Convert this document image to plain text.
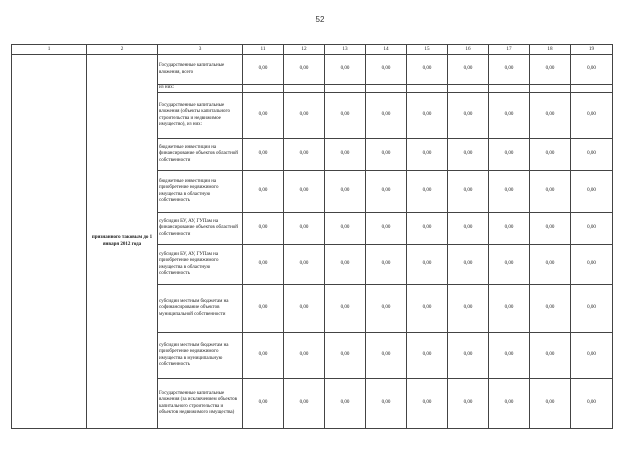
52
1	2	3	11	12	13	14	15	16	17	18	19
	признанного таковым до 1 января 2012 года	Государственные капитальные вложения, всего	0,00	0,00	0,00	0,00	0,00	0,00	0,00	0,00	0,00
		из них:									
		Государственные капитальные вложения (объекты капитального строительства и недвижимое имущество), из них:	0,00	0,00	0,00	0,00	0,00	0,00	0,00	0,00	0,00
		бюджетные инвестиции на финансирование объектов областной собственности	0,00	0,00	0,00	0,00	0,00	0,00	0,00	0,00	0,00
		бюджетные инвестиции на приобретение недвижимого имущества в областную собственность	0,00	0,00	0,00	0,00	0,00	0,00	0,00	0,00	0,00
		субсидии БУ, АУ, ГУПам на финансирование объектов областной собственности	0,00	0,00	0,00	0,00	0,00	0,00	0,00	0,00	0,00
		субсидии БУ, АУ, ГУПам на приобретение недвижимого имущества в областную собственность	0,00	0,00	0,00	0,00	0,00	0,00	0,00	0,00	0,00
		субсидии местным бюджетам на софинансирование объектов муниципальной собственности	0,00	0,00	0,00	0,00	0,00	0,00	0,00	0,00	0,00
		субсидии местным бюджетам на приобретение недвижимого имущества в муниципальную собственность	0,00	0,00	0,00	0,00	0,00	0,00	0,00	0,00	0,00
		Государственные капитальные вложения (за исключением объектов капитального строительства и объектов недвижимого имущества)	0,00	0,00	0,00	0,00	0,00	0,00	0,00	0,00	0,00
